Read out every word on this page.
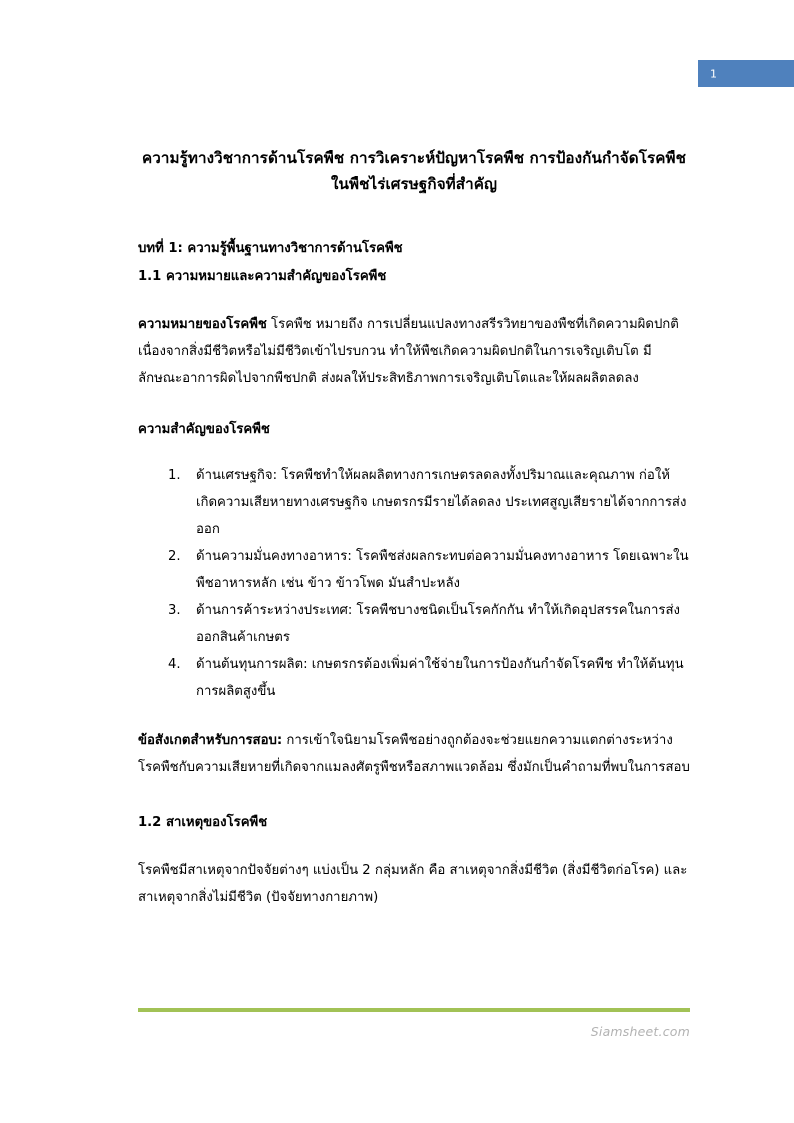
1
ความรู้ทางวิชาการด้านโรคพืช การวิเคราะห์ปัญหาโรคพืช การป้องกันกำจัดโรคพืช
ในพืชไร่เศรษฐกิจที่สำคัญ
บทที่ 1: ความรู้พื้นฐานทางวิชาการด้านโรคพืช
1.1 ความหมายและความสำคัญของโรคพืช

ความหมายของโรคพืช โรคพืช หมายถึง การเปลี่ยนแปลงทางสรีรวิทยาของพืชที่เกิดความผิดปกติ เนื่องจากสิ่งมีชีวิตหรือไม่มีชีวิตเข้าไปรบกวน ทำให้พืชเกิดความผิดปกติในการเจริญเติบโต มีลักษณะอาการผิดไปจากพืชปกติ ส่งผลให้ประสิทธิภาพการเจริญเติบโตและให้ผลผลิตลดลง

ความสำคัญของโรคพืช
ด้านเศรษฐกิจ: โรคพืชทำให้ผลผลิตทางการเกษตรลดลงทั้งปริมาณและคุณภาพ ก่อให้เกิดความเสียหายทางเศรษฐกิจ เกษตรกรมีรายได้ลดลง ประเทศสูญเสียรายได้จากการส่งออก
ด้านความมั่นคงทางอาหาร: โรคพืชส่งผลกระทบต่อความมั่นคงทางอาหาร โดยเฉพาะในพืชอาหารหลัก เช่น ข้าว ข้าวโพด มันสำปะหลัง
ด้านการค้าระหว่างประเทศ: โรคพืชบางชนิดเป็นโรคกักกัน ทำให้เกิดอุปสรรคในการส่งออกสินค้าเกษตร
ด้านต้นทุนการผลิต: เกษตรกรต้องเพิ่มค่าใช้จ่ายในการป้องกันกำจัดโรคพืช ทำให้ต้นทุนการผลิตสูงขึ้น

ข้อสังเกตสำหรับการสอบ: การเข้าใจนิยามโรคพืชอย่างถูกต้องจะช่วยแยกความแตกต่างระหว่างโรคพืชกับความเสียหายที่เกิดจากแมลงศัตรูพืชหรือสภาพแวดล้อม ซึ่งมักเป็นคำถามที่พบในการสอบ

1.2 สาเหตุของโรคพืช

โรคพืชมีสาเหตุจากปัจจัยต่างๆ แบ่งเป็น 2 กลุ่มหลัก คือ สาเหตุจากสิ่งมีชีวิต (สิ่งมีชีวิตก่อโรค) และสาเหตุจากสิ่งไม่มีชีวิต (ปัจจัยทางกายภาพ)

Siamsheet.com
